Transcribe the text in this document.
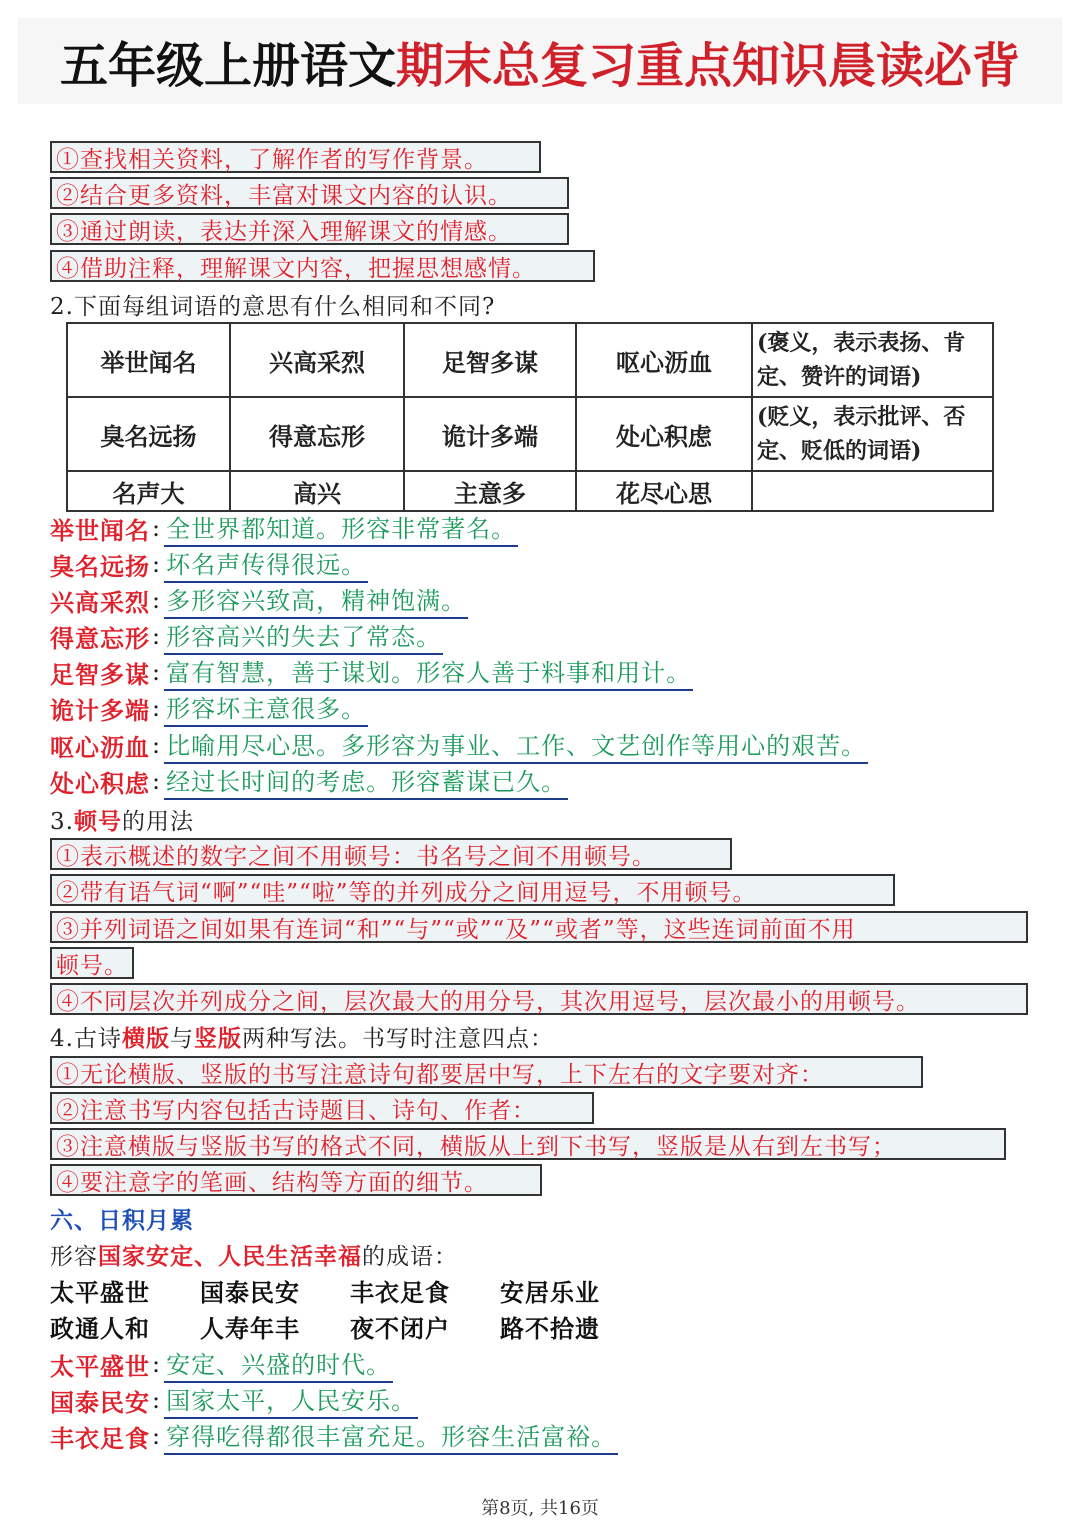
五年级上册语文 期末总复习重点知识晨读必背
①查找相关资料，了解作者的写作背景。
②结合更多资料，丰富对课文内容的认识。
③通过朗读，表达并深入理解课文的情感。
④借助注释，理解课文内容，把握思想感情。
2.下面每组词语的意思有什么相同和不同?
举世闻名	兴高采烈	足智多谋	呕心沥血	(褒义，表示表扬、肯定、赞许的词语)
臭名远扬	得意忘形	诡计多端	处心积虑	(贬义，表示批评、否定、贬低的词语)
名声大	高兴	主意多	花尽心思	
举世闻名 : 全世界都知道。形容非常著名。
臭名远扬 : 坏名声传得很远。
兴高采烈 : 多形容兴致高，精神饱满。
得意忘形 : 形容高兴的失去了常态。
足智多谋 : 富有智慧，善于谋划。形容人善于料事和用计。
诡计多端 : 形容坏主意很多。
呕心沥血 : 比喻用尽心思。多形容为事业、工作、文艺创作等用心的艰苦。
处心积虑 : 经过长时间的考虑。形容蓄谋已久。
3.顿号的用法
①表示概述的数字之间不用顿号：书名号之间不用顿号。
②带有语气词“啊”“哇”“啦”等的并列成分之间用逗号，不用顿号。
③并列词语之间如果有连词“和”“与”“或”“及”“或者”等，这些连词前面不用
顿号。
④不同层次并列成分之间，层次最大的用分号，其次用逗号，层次最小的用顿号。
4.古诗横版与竖版两种写法。书写时注意四点：
①无论横版、竖版的书写注意诗句都要居中写，上下左右的文字要对齐：
②注意书写内容包括古诗题目、诗句、作者：
③注意横版与竖版书写的格式不同，横版从上到下书写，竖版是从右到左书写；
④要注意字的笔画、结构等方面的细节。
六、日积月累
形容国家安定、人民生活幸福的成语：
太平盛世	国泰民安	丰衣足食	安居乐业
政通人和	人寿年丰	夜不闭户	路不拾遗
太平盛世 : 安定、兴盛的时代。
国泰民安 : 国家太平，人民安乐。
丰衣足食 : 穿得吃得都很丰富充足。形容生活富裕。
第8页, 共16页
